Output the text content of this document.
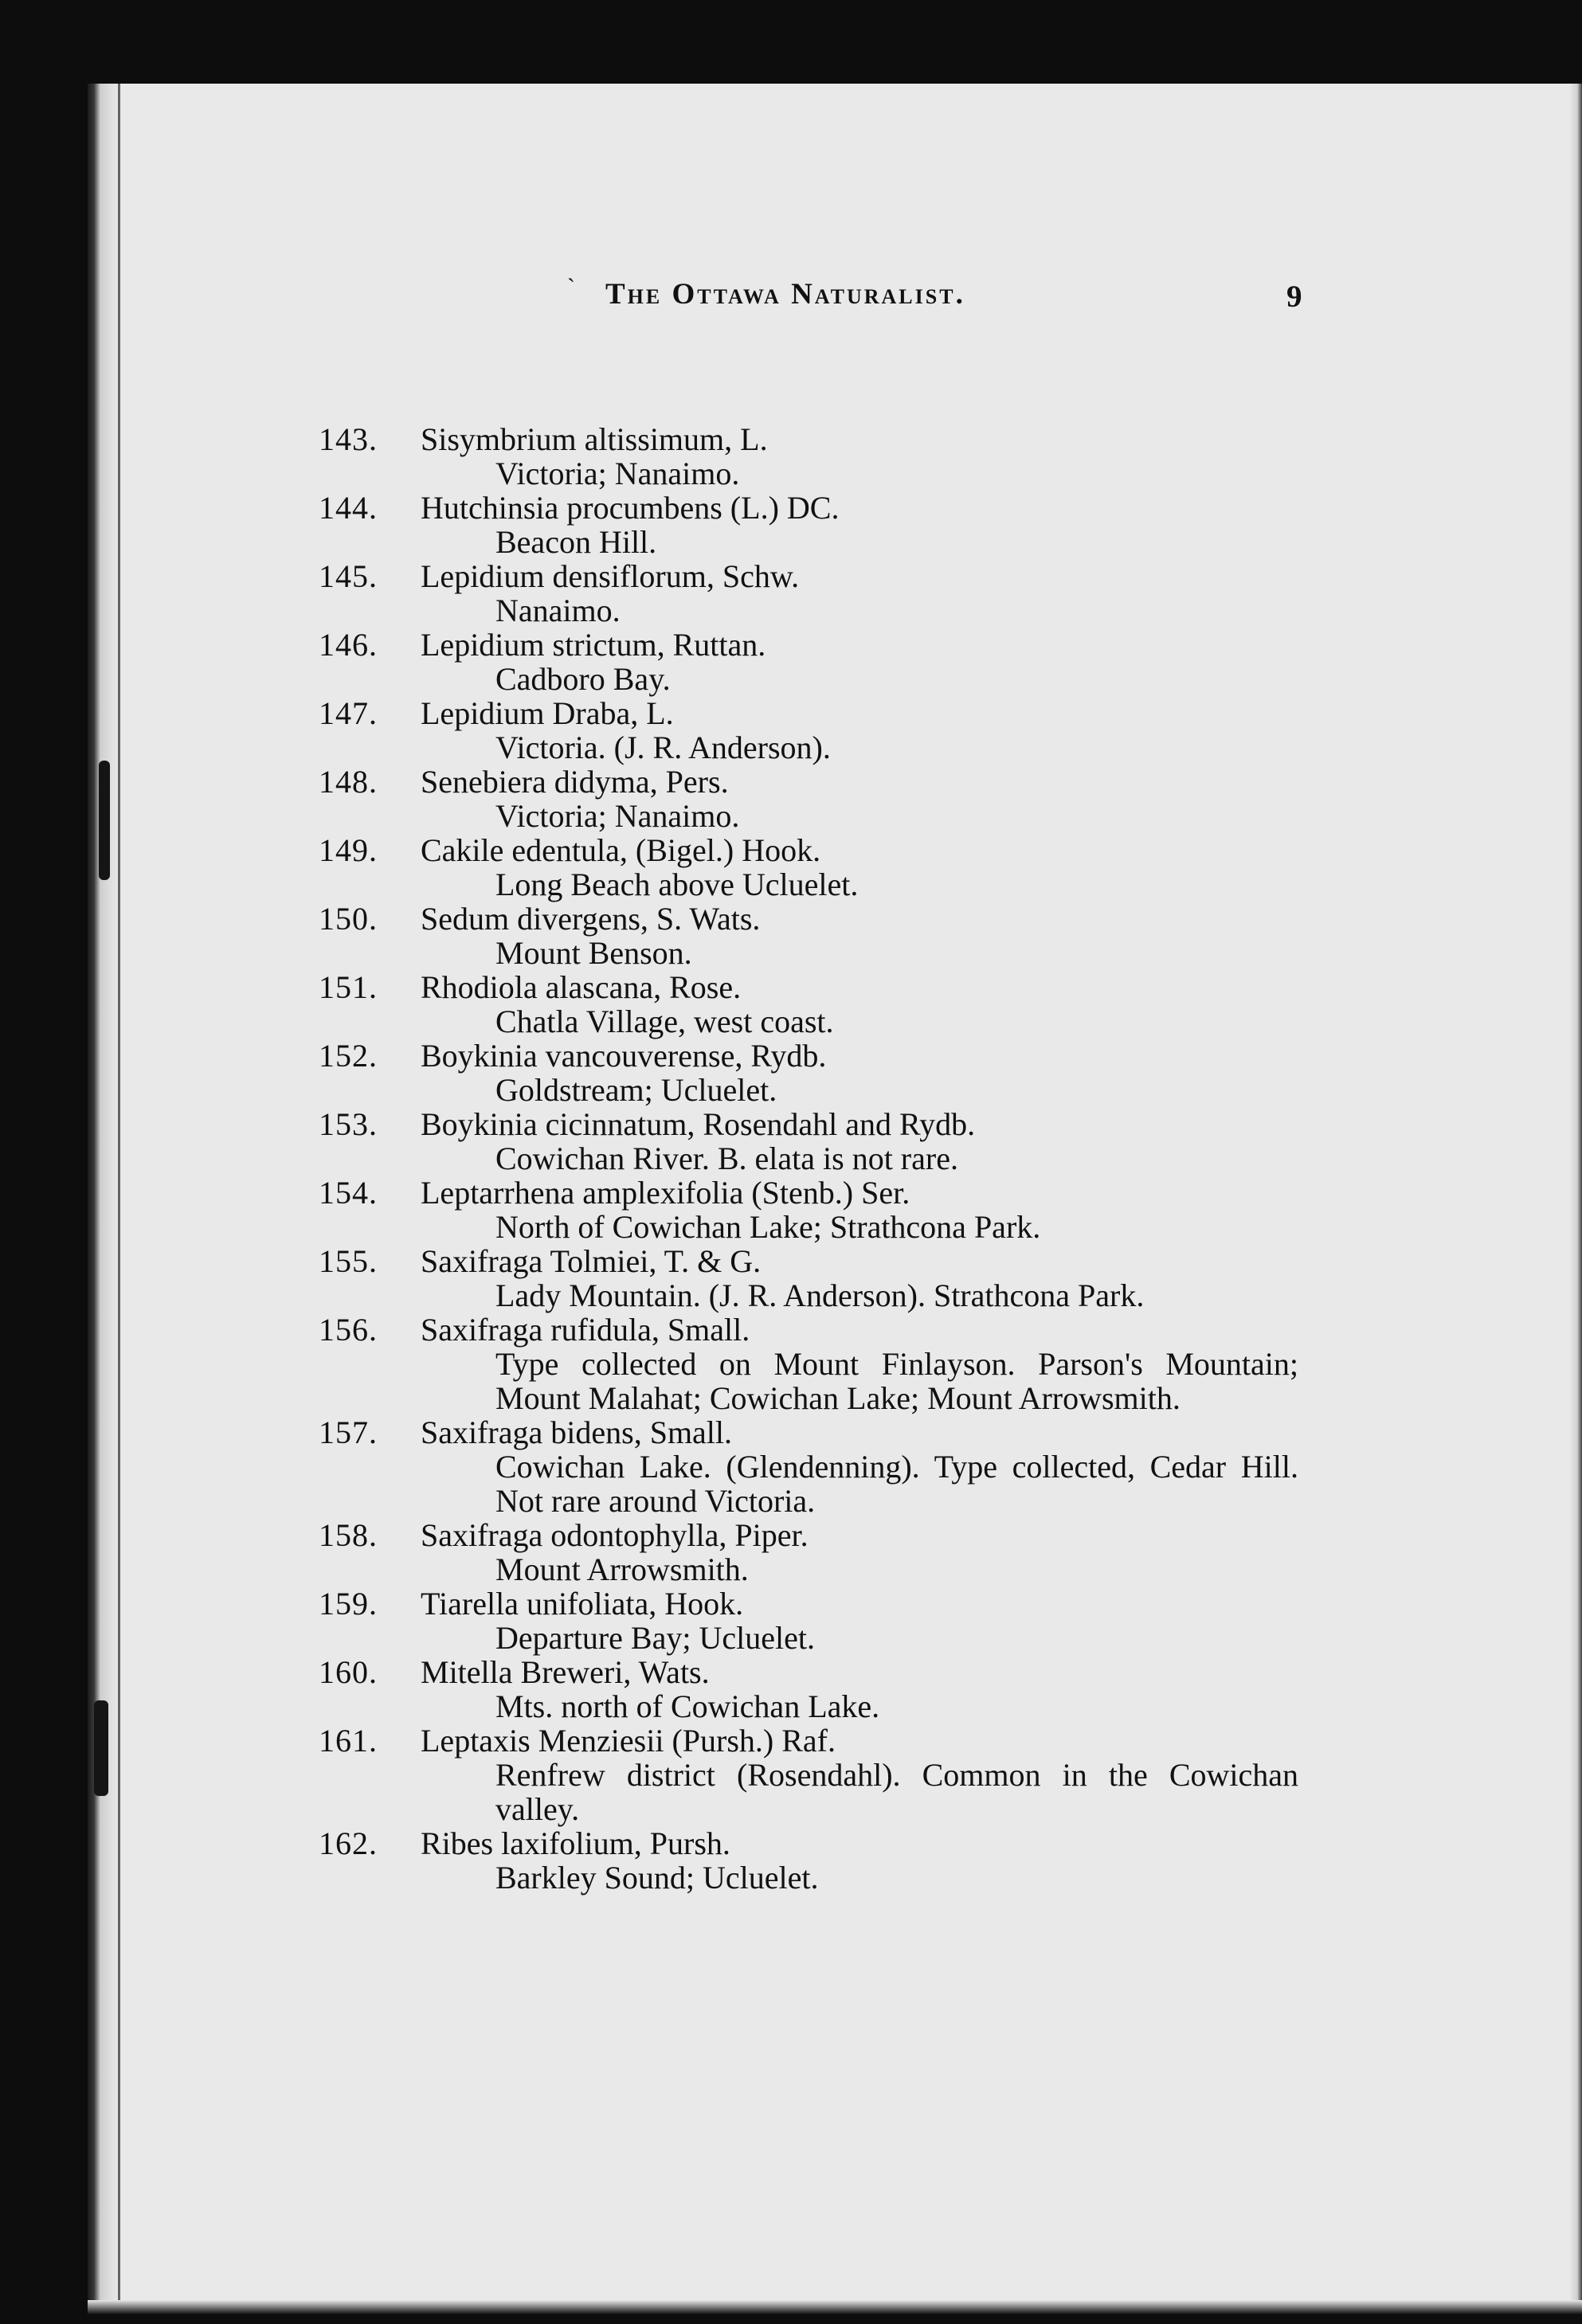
` The Ottawa Naturalist.	9
143.	Sisymbrium altissimum, L.
Victoria; Nanaimo.
144.	Hutchinsia procumbens (L.) DC.
Beacon Hill.
145.	Lepidium densiflorum, Schw.
Nanaimo.
146.	Lepidium strictum, Ruttan.
Cadboro Bay.
147.	Lepidium Draba, L.
Victoria. (J. R. Anderson).
148.	Senebiera didyma, Pers.
Victoria; Nanaimo.
149.	Cakile edentula, (Bigel.) Hook.
Long Beach above Ucluelet.
150.	Sedum divergens, S. Wats.
Mount Benson.
151.	Rhodiola alascana, Rose.
Chatla Village, west coast.
152.	Boykinia vancouverense, Rydb.
Goldstream; Ucluelet.
153.	Boykinia cicinnatum, Rosendahl and Rydb.
Cowichan River. B. elata is not rare.
154.	Leptarrhena amplexifolia (Stenb.) Ser.
North of Cowichan Lake; Strathcona Park.
155.	Saxifraga Tolmiei, T. & G.
Lady Mountain. (J. R. Anderson). Strathcona Park.
156.	Saxifraga rufidula, Small.
Type collected on Mount Finlayson. Parson's Mountain; Mount Malahat; Cowichan Lake; Mount Arrowsmith.
157.	Saxifraga bidens, Small.
Cowichan Lake. (Glendenning). Type collected, Cedar Hill. Not rare around Victoria.
158.	Saxifraga odontophylla, Piper.
Mount Arrowsmith.
159.	Tiarella unifoliata, Hook.
Departure Bay; Ucluelet.
160.	Mitella Breweri, Wats.
Mts. north of Cowichan Lake.
161.	Leptaxis Menziesii (Pursh.) Raf.
Renfrew district (Rosendahl). Common in the Cowichan valley.
162.	Ribes laxifolium, Pursh.
Barkley Sound; Ucluelet.
